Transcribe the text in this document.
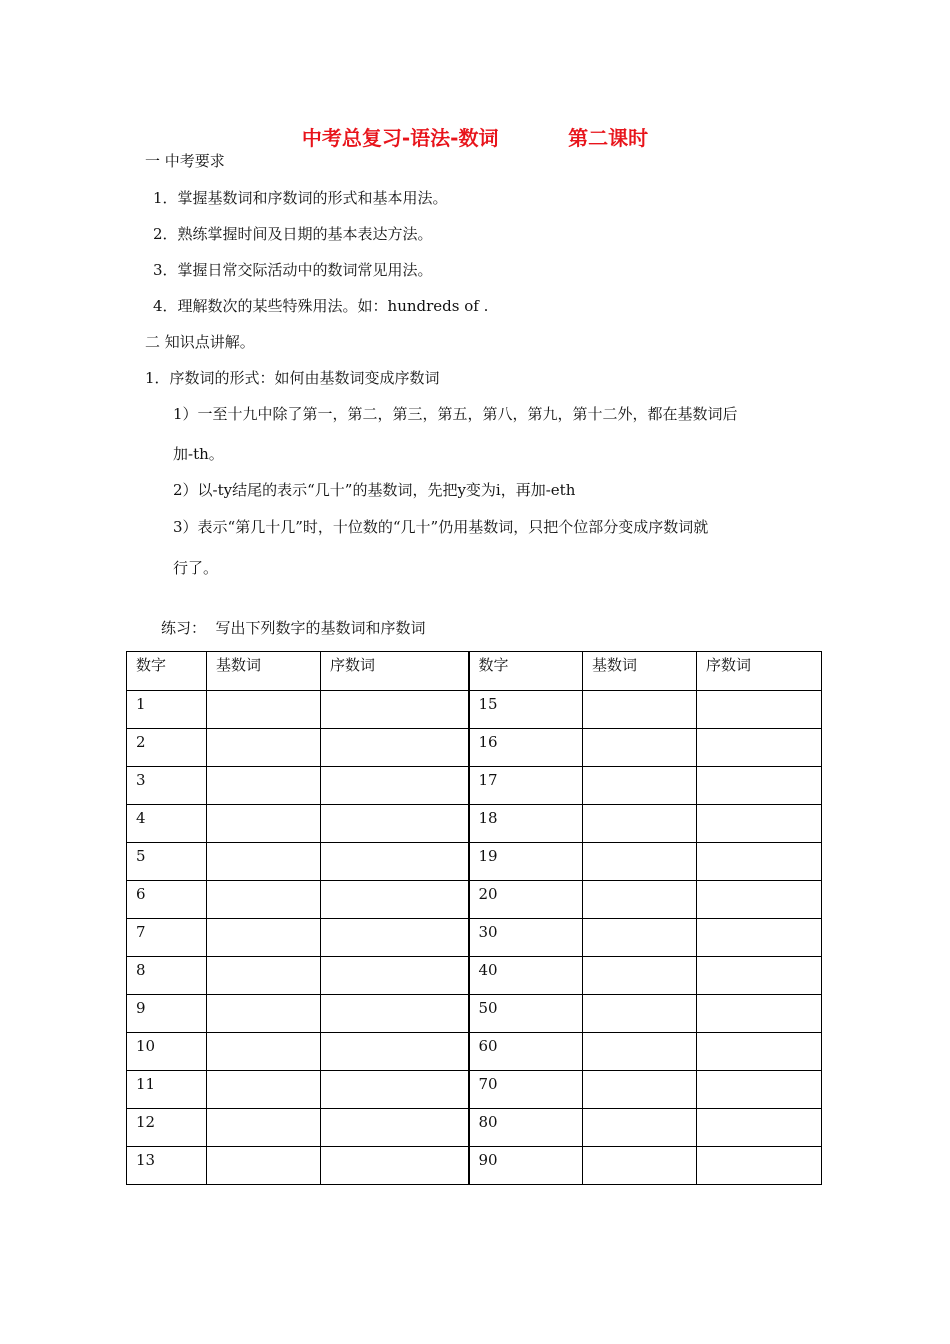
中考总复习-语法-数词          第二课时
一 中考要求
1．掌握基数词和序数词的形式和基本用法。
2．熟练掌握时间及日期的基本表达方法。
3．掌握日常交际活动中的数词常见用法。
4．理解数次的某些特殊用法。如：hundreds of .
二 知识点讲解。
1．序数词的形式：如何由基数词变成序数词
1）一至十九中除了第一，第二，第三，第五，第八，第九，第十二外，都在基数词后
加-th。
2）以-ty结尾的表示“几十”的基数词，先把y变为i，再加-eth
3）表示“第几十几”时，十位数的“几十”仍用基数词，只把个位部分变成序数词就
行了。
练习：  写出下列数字的基数词和序数词
数字	基数词	序数词	数字	基数词	序数词
1			15		
2			16		
3			17		
4			18		
5			19		
6			20		
7			30		
8			40		
9			50		
10			60		
11			70		
12			80		
13			90		
